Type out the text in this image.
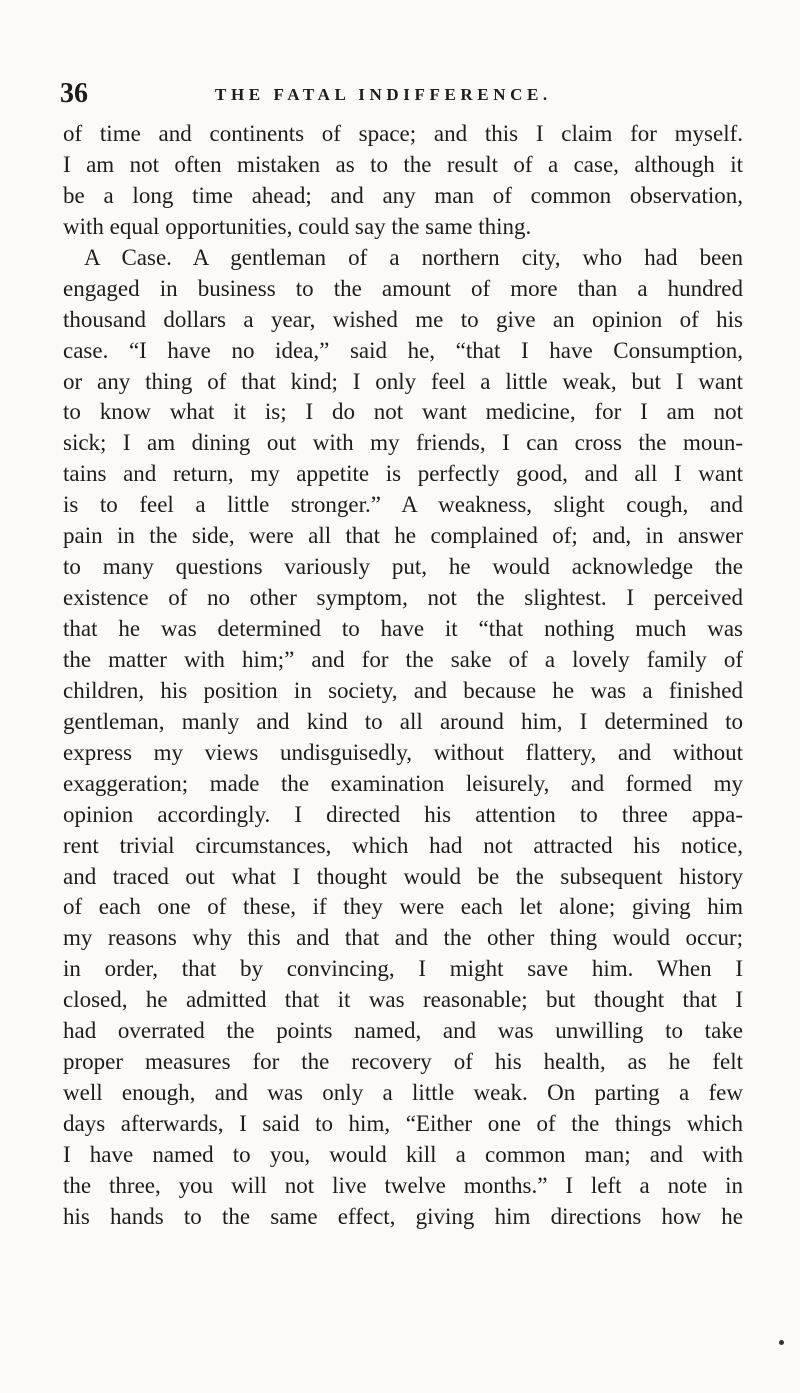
36	THE FATAL INDIFFERENCE.
of time and continents of space; and this I claim for myself.
I am not often mistaken as to the result of a case, although it
be a long time ahead; and any man of common observation,
with equal opportunities, could say the same thing.
A Case. A gentleman of a northern city, who had been
engaged in business to the amount of more than a hundred
thousand dollars a year, wished me to give an opinion of his
case. “I have no idea,” said he, “that I have Consumption,
or any thing of that kind; I only feel a little weak, but I want
to know what it is; I do not want medicine, for I am not
sick; I am dining out with my friends, I can cross the moun-
tains and return, my appetite is perfectly good, and all I want
is to feel a little stronger.” A weakness, slight cough, and
pain in the side, were all that he complained of; and, in answer
to many questions variously put, he would acknowledge the
existence of no other symptom, not the slightest. I perceived
that he was determined to have it “that nothing much was
the matter with him;” and for the sake of a lovely family of
children, his position in society, and because he was a finished
gentleman, manly and kind to all around him, I determined to
express my views undisguisedly, without flattery, and without
exaggeration; made the examination leisurely, and formed my
opinion accordingly. I directed his attention to three appa-
rent trivial circumstances, which had not attracted his notice,
and traced out what I thought would be the subsequent history
of each one of these, if they were each let alone; giving him
my reasons why this and that and the other thing would occur;
in order, that by convincing, I might save him. When I
closed, he admitted that it was reasonable; but thought that I
had overrated the points named, and was unwilling to take
proper measures for the recovery of his health, as he felt
well enough, and was only a little weak. On parting a few
days afterwards, I said to him, “Either one of the things which
I have named to you, would kill a common man; and with
the three, you will not live twelve months.” I left a note in
his hands to the same effect, giving him directions how he
